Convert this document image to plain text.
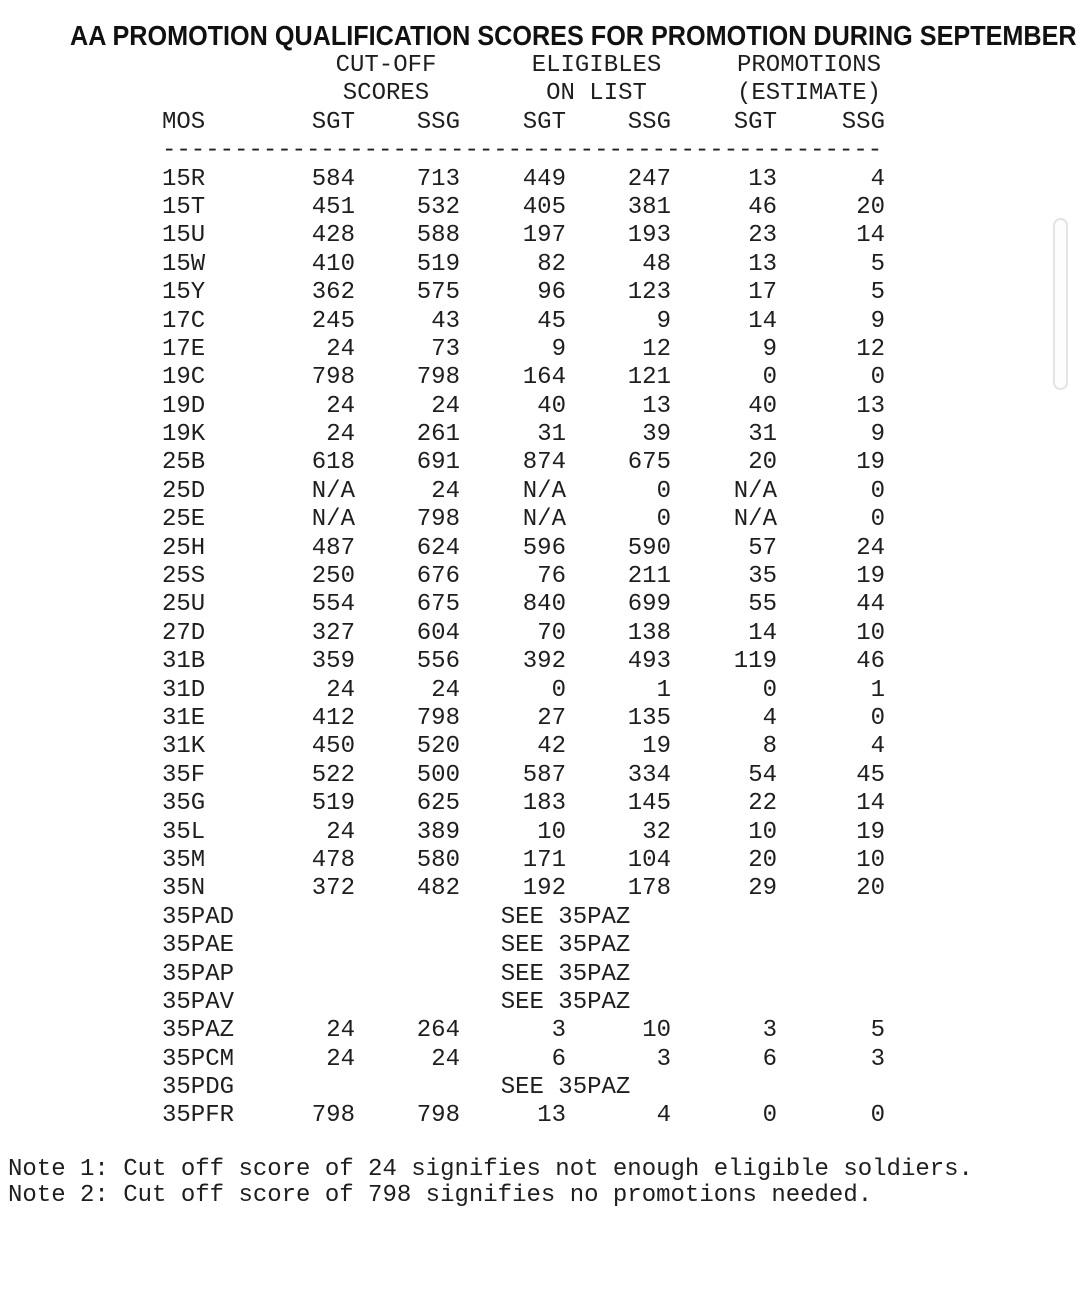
AA PROMOTION QUALIFICATION SCORES FOR PROMOTION DURING SEPTEMBER
CUT-OFF	ELIGIBLES	PROMOTIONS
SCORES	ON LIST	(ESTIMATE)
MOS	SGT	SSG	SGT	SSG	SGT	SSG
--------------------------------------------------
15R	584	713	449	247	13	4
15T	451	532	405	381	46	20
15U	428	588	197	193	23	14
15W	410	519	82	48	13	5
15Y	362	575	96	123	17	5
17C	245	43	45	9	14	9
17E	24	73	9	12	9	12
19C	798	798	164	121	0	0
19D	24	24	40	13	40	13
19K	24	261	31	39	31	9
25B	618	691	874	675	20	19
25D	N/A	24	N/A	0	N/A	0
25E	N/A	798	N/A	0	N/A	0
25H	487	624	596	590	57	24
25S	250	676	76	211	35	19
25U	554	675	840	699	55	44
27D	327	604	70	138	14	10
31B	359	556	392	493	119	46
31D	24	24	0	1	0	1
31E	412	798	27	135	4	0
31K	450	520	42	19	8	4
35F	522	500	587	334	54	45
35G	519	625	183	145	22	14
35L	24	389	10	32	10	19
35M	478	580	171	104	20	10
35N	372	482	192	178	29	20
35PAD	SEE 35PAZ
35PAE	SEE 35PAZ
35PAP	SEE 35PAZ
35PAV	SEE 35PAZ
35PAZ	24	264	3	10	3	5
35PCM	24	24	6	3	6	3
35PDG	SEE 35PAZ
35PFR	798	798	13	4	0	0
Note 1: Cut off score of 24 signifies not enough eligible soldiers.
Note 2: Cut off score of 798 signifies no promotions needed.
